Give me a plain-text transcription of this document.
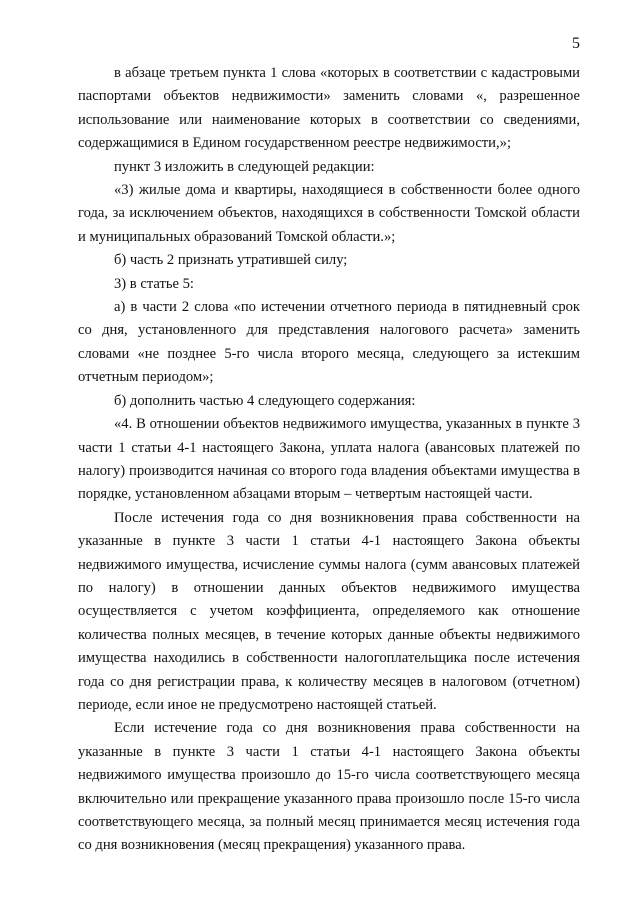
5

в абзаце третьем пункта 1 слова «которых в соответствии с кадастровыми паспортами объектов недвижимости» заменить словами «, разрешенное использование или наименование которых в соответствии со сведениями, содержащимися в Едином государственном реестре недвижимости,»;

пункт 3 изложить в следующей редакции:

«3) жилые дома и квартиры, находящиеся в собственности более одного года, за исключением объектов, находящихся в собственности Томской области и муниципальных образований Томской области.»;

б) часть 2 признать утратившей силу;

3) в статье 5:

а) в части 2 слова «по истечении отчетного периода в пятидневный срок со дня, установленного для представления налогового расчета» заменить словами «не позднее 5-го числа второго месяца, следующего за истекшим отчетным периодом»;

б) дополнить частью 4 следующего содержания:

«4. В отношении объектов недвижимого имущества, указанных в пункте 3 части 1 статьи 4-1 настоящего Закона, уплата налога (авансовых платежей по налогу) производится начиная со второго года владения объектами имущества в порядке, установленном абзацами вторым – четвертым настоящей части.

После истечения года со дня возникновения права собственности на указанные в пункте 3 части 1 статьи 4-1 настоящего Закона объекты недвижимого имущества, исчисление суммы налога (сумм авансовых платежей по налогу) в отношении данных объектов недвижимого имущества осуществляется с учетом коэффициента, определяемого как отношение количества полных месяцев, в течение которых данные объекты недвижимого имущества находились в собственности налогоплательщика после истечения года со дня регистрации права, к количеству месяцев в налоговом (отчетном) периоде, если иное не предусмотрено настоящей статьей.

Если истечение года со дня возникновения права собственности на указанные в пункте 3 части 1 статьи 4-1 настоящего Закона объекты недвижимого имущества произошло до 15-го числа соответствующего месяца включительно или прекращение указанного права произошло после 15-го числа соответствующего месяца, за полный месяц принимается месяц истечения года со дня возникновения (месяц прекращения) указанного права.
